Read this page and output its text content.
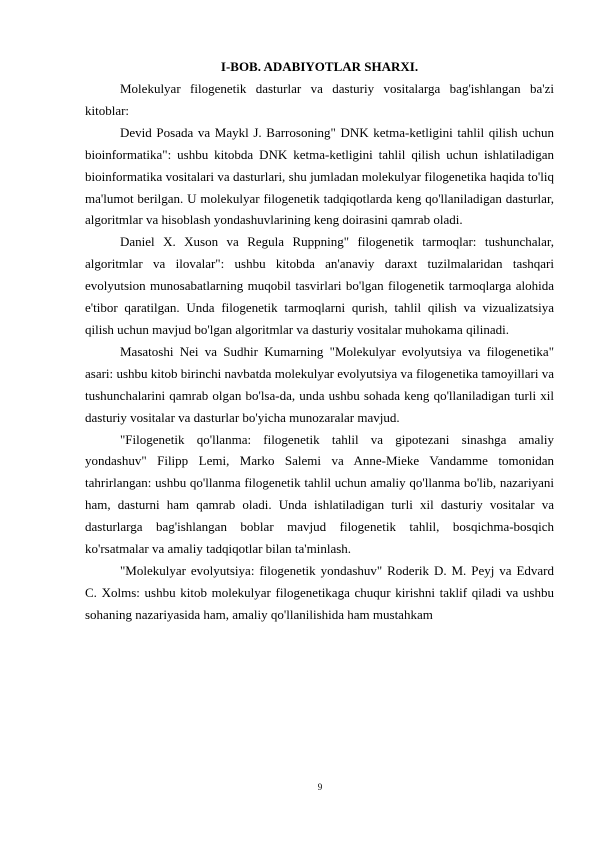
I-BOB. ADABIYOTLAR SHARXI.

Molekulyar filogenetik dasturlar va dasturiy vositalarga bag'ishlangan ba'zi kitoblar:

Devid Posada va Maykl J. Barrosoning" DNK ketma-ketligini tahlil qilish uchun bioinformatika": ushbu kitobda DNK ketma-ketligini tahlil qilish uchun ishlatiladigan bioinformatika vositalari va dasturlari, shu jumladan molekulyar filogenetika haqida to'liq ma'lumot berilgan. U molekulyar filogenetik tadqiqotlarda keng qo'llaniladigan dasturlar, algoritmlar va hisoblash yondashuvlarining keng doirasini qamrab oladi.

Daniel X. Xuson va Regula Ruppning" filogenetik tarmoqlar: tushunchalar, algoritmlar va ilovalar": ushbu kitobda an'anaviy daraxt tuzilmalaridan tashqari evolyutsion munosabatlarning muqobil tasvirlari bo'lgan filogenetik tarmoqlarga alohida e'tibor qaratilgan. Unda filogenetik tarmoqlarni qurish, tahlil qilish va vizualizatsiya qilish uchun mavjud bo'lgan algoritmlar va dasturiy vositalar muhokama qilinadi.

Masatoshi Nei va Sudhir Kumarning "Molekulyar evolyutsiya va filogenetika" asari: ushbu kitob birinchi navbatda molekulyar evolyutsiya va filogenetika tamoyillari va tushunchalarini qamrab olgan bo'lsa-da, unda ushbu sohada keng qo'llaniladigan turli xil dasturiy vositalar va dasturlar bo'yicha munozaralar mavjud.

"Filogenetik qo'llanma: filogenetik tahlil va gipotezani sinashga amaliy yondashuv" Filipp Lemi, Marko Salemi va Anne-Mieke Vandamme tomonidan tahrirlangan: ushbu qo'llanma filogenetik tahlil uchun amaliy qo'llanma bo'lib, nazariyani ham, dasturni ham qamrab oladi. Unda ishlatiladigan turli xil dasturiy vositalar va dasturlarga bag'ishlangan boblar mavjud filogenetik tahlil, bosqichma-bosqich ko'rsatmalar va amaliy tadqiqotlar bilan ta'minlash.

"Molekulyar evolyutsiya: filogenetik yondashuv" Roderik D. M. Peyj va Edvard C. Xolms: ushbu kitob molekulyar filogenetikaga chuqur kirishni taklif qiladi va ushbu sohaning nazariyasida ham, amaliy qo'llanilishida ham mustahkam

9
